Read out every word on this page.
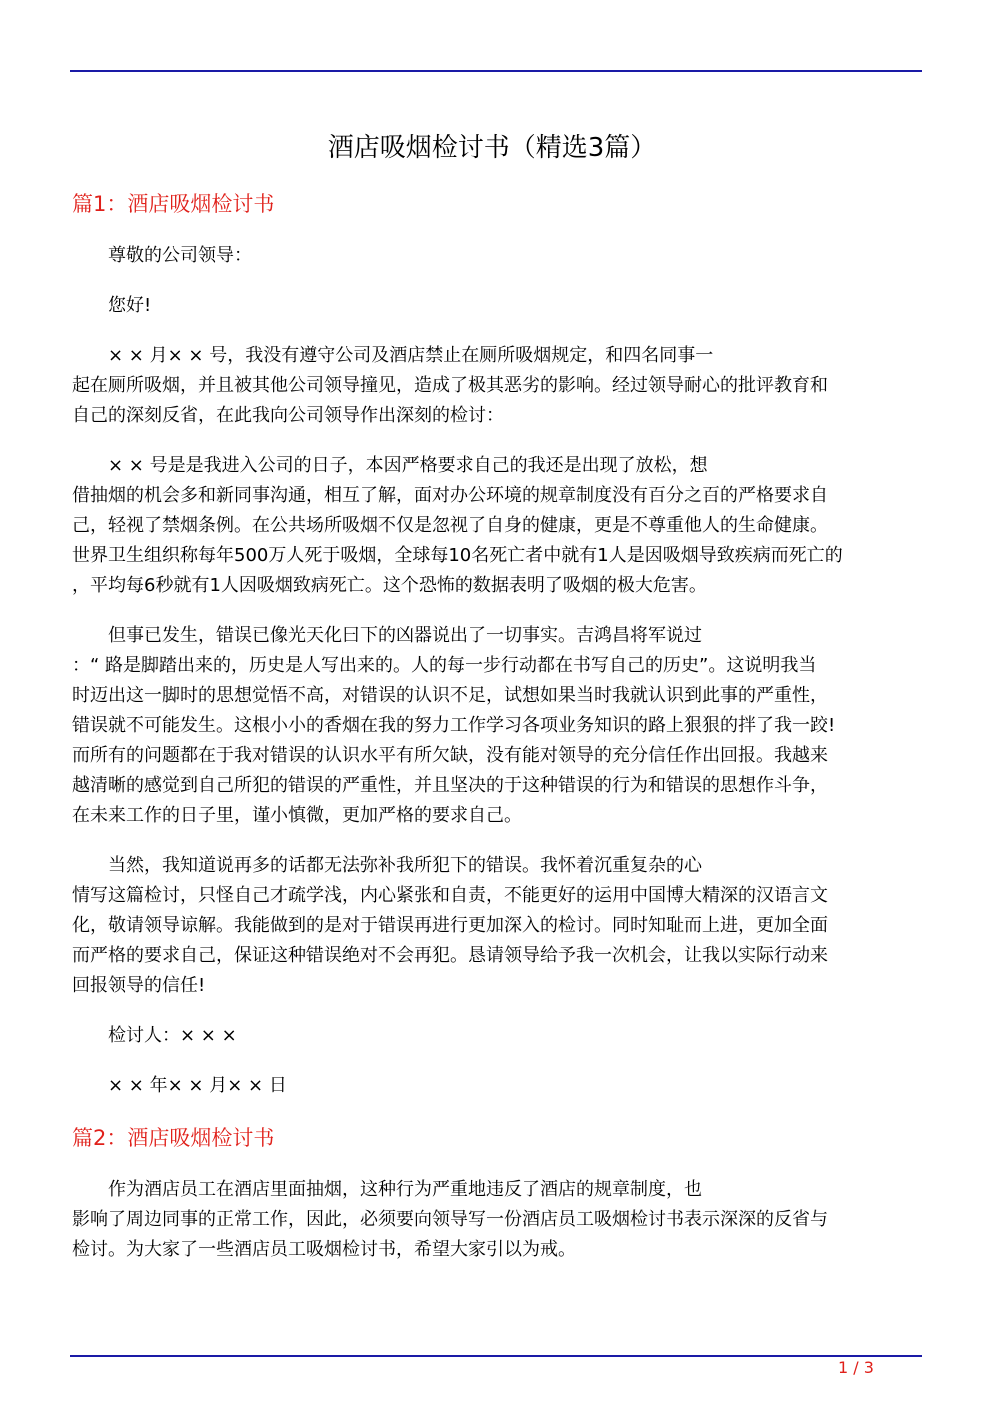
酒店吸烟检讨书（精选3篇）
篇1：酒店吸烟检讨书
尊敬的公司领导：
您好!
× × 月× × 号，我没有遵守公司及酒店禁止在厕所吸烟规定，和四名同事一
起在厕所吸烟，并且被其他公司领导撞见，造成了极其恶劣的影响。经过领导耐心的批评教育和
自己的深刻反省，在此我向公司领导作出深刻的检讨：
× × 号是是我进入公司的日子，本因严格要求自己的我还是出现了放松，想
借抽烟的机会多和新同事沟通，相互了解，面对办公环境的规章制度没有百分之百的严格要求自
己，轻视了禁烟条例。在公共场所吸烟不仅是忽视了自身的健康，更是不尊重他人的生命健康。
世界卫生组织称每年500万人死于吸烟，全球每10名死亡者中就有1人是因吸烟导致疾病而死亡的
，平均每6秒就有1人因吸烟致病死亡。这个恐怖的数据表明了吸烟的极大危害。
但事已发生，错误已像光天化曰下的凶器说出了一切事实。吉鸿昌将军说过
：“ 路是脚踏出来的，历史是人写出来的。人的每一步行动都在书写自己的历史”。这说明我当
时迈出这一脚时的思想觉悟不高，对错误的认识不足，试想如果当时我就认识到此事的严重性，
错误就不可能发生。这根小小的香烟在我的努力工作学习各项业务知识的路上狠狠的拌了我一跤!
而所有的问题都在于我对错误的认识水平有所欠缺，没有能对领导的充分信任作出回报。我越来
越清晰的感觉到自己所犯的错误的严重性，并且坚决的于这种错误的行为和错误的思想作斗争，
在未来工作的日子里，谨小慎微，更加严格的要求自己。
当然，我知道说再多的话都无法弥补我所犯下的错误。我怀着沉重复杂的心
情写这篇检讨，只怪自己才疏学浅，内心紧张和自责，不能更好的运用中国博大精深的汉语言文
化，敬请领导谅解。我能做到的是对于错误再进行更加深入的检讨。同时知耻而上进，更加全面
而严格的要求自己，保证这种错误绝对不会再犯。恳请领导给予我一次机会，让我以实际行动来
回报领导的信任!
检讨人：× × ×
× × 年× × 月× × 日
篇2：酒店吸烟检讨书
作为酒店员工在酒店里面抽烟，这种行为严重地违反了酒店的规章制度，也
影响了周边同事的正常工作，因此，必须要向领导写一份酒店员工吸烟检讨书表示深深的反省与
检讨。为大家了一些酒店员工吸烟检讨书，希望大家引以为戒。
1 / 3
